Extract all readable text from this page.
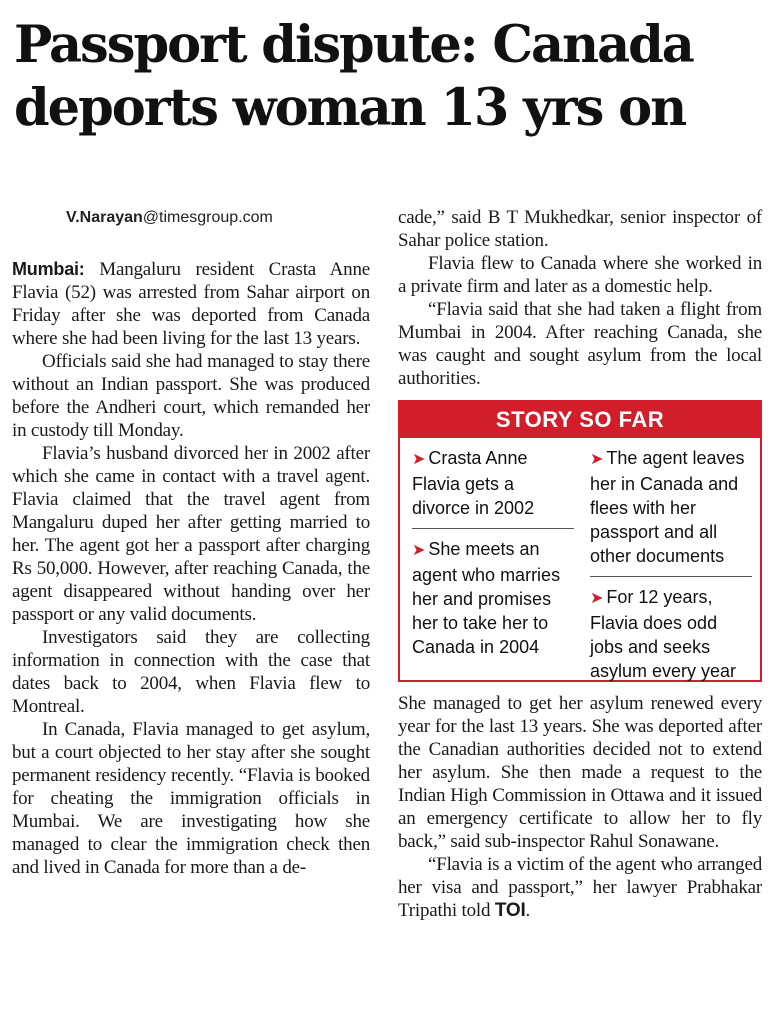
Passport dispute: Canada
deports woman 13 yrs on
V.Narayan@timesgroup.com

Mumbai: Mangaluru resident Crasta Anne Flavia (52) was arrested from Sahar airport on Friday after she was deported from Canada where she had been living for the last 13 years.

Officials said she had managed to stay there without an Indian passport. She was produced before the Andheri court, which remanded her in custody till Monday.

Flavia’s husband divorced her in 2002 after which she came in contact with a travel agent. Flavia claimed that the travel agent from Mangaluru duped her after getting married to her. The agent got her a passport after charging Rs 50,000. However, after reaching Canada, the agent disappeared without handing over her passport or any valid documents.

Investigators said they are collecting information in connection with the case that dates back to 2004, when Flavia flew to Montreal.

In Canada, Flavia managed to get asylum, but a court objected to her stay after she sought permanent residency recently. “Flavia is booked for cheating the immigration officials in Mumbai. We are investigating how she managed to clear the immigration check then and lived in Canada for more than a de-

cade,” said B T Mukhedkar, senior inspector of Sahar police station.

Flavia flew to Canada where she worked in a private firm and later as a domestic help.

“Flavia said that she had taken a flight from Mumbai in 2004. After reaching Canada, she was caught and sought asylum from the local authorities.

STORY SO FAR
➤ Crasta Anne Flavia gets a divorce in 2002
➤ She meets an agent who marries her and promises her to take her to Canada in 2004
➤ The agent leaves her in Canada and flees with her passport and all other documents
➤ For 12 years, Flavia does odd jobs and seeks asylum every year

She managed to get her asylum renewed every year for the last 13 years. She was deported after the Canadian authorities decided not to extend her asylum. She then made a request to the Indian High Commission in Ottawa and it issued an emergency certificate to allow her to fly back,” said sub-inspector Rahul Sonawane.

“Flavia is a victim of the agent who arranged her visa and passport,” her lawyer Prabhakar Tripathi told TOI.
